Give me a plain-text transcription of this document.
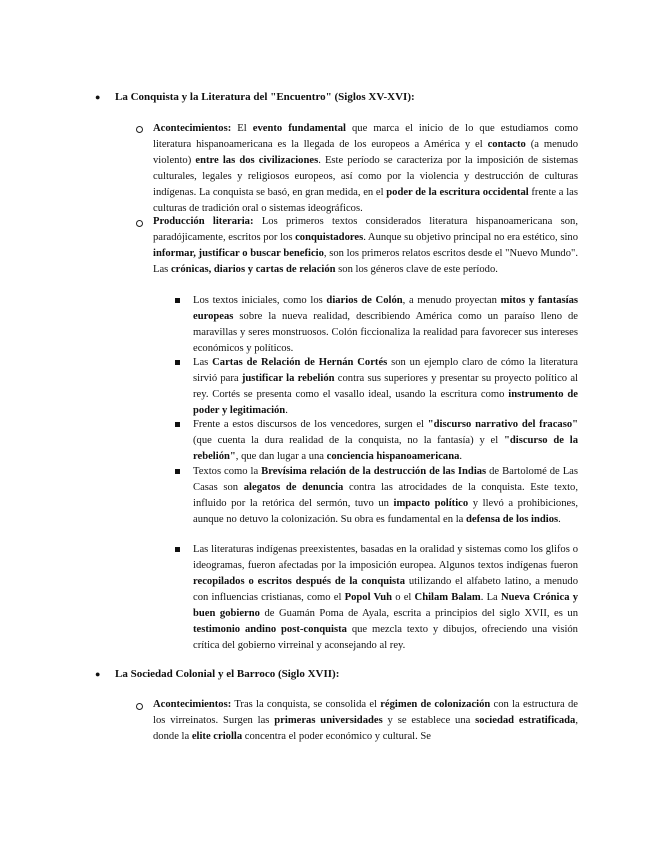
● La Conquista y la Literatura del "Encuentro" (Siglos XV-XVI):
Acontecimientos: El evento fundamental que marca el inicio de lo que estudiamos como literatura hispanoamericana es la llegada de los europeos a América y el contacto (a menudo violento) entre las dos civilizaciones. Este período se caracteriza por la imposición de sistemas culturales, legales y religiosos europeos, así como por la violencia y destrucción de culturas indígenas. La conquista se basó, en gran medida, en el poder de la escritura occidental frente a las culturas de tradición oral o sistemas ideográficos.
Producción literaria: Los primeros textos considerados literatura hispanoamericana son, paradójicamente, escritos por los conquistadores. Aunque su objetivo principal no era estético, sino informar, justificar o buscar beneficio, son los primeros relatos escritos desde el "Nuevo Mundo". Las crónicas, diarios y cartas de relación son los géneros clave de este período.
Los textos iniciales, como los diarios de Colón, a menudo proyectan mitos y fantasías europeas sobre la nueva realidad, describiendo América como un paraíso lleno de maravillas y seres monstruosos. Colón ficcionaliza la realidad para favorecer sus intereses económicos y políticos.
Las Cartas de Relación de Hernán Cortés son un ejemplo claro de cómo la literatura sirvió para justificar la rebelión contra sus superiores y presentar su proyecto político al rey. Cortés se presenta como el vasallo ideal, usando la escritura como instrumento de poder y legitimación.
Frente a estos discursos de los vencedores, surgen el "discurso narrativo del fracaso" (que cuenta la dura realidad de la conquista, no la fantasía) y el "discurso de la rebelión", que dan lugar a una conciencia hispanoamericana.
Textos como la Brevísima relación de la destrucción de las Indias de Bartolomé de Las Casas son alegatos de denuncia contra las atrocidades de la conquista. Este texto, influido por la retórica del sermón, tuvo un impacto político y llevó a prohibiciones, aunque no detuvo la colonización. Su obra es fundamental en la defensa de los indios.
Las literaturas indígenas preexistentes, basadas en la oralidad y sistemas como los glifos o ideogramas, fueron afectadas por la imposición europea. Algunos textos indígenas fueron recopilados o escritos después de la conquista utilizando el alfabeto latino, a menudo con influencias cristianas, como el Popol Vuh o el Chilam Balam. La Nueva Crónica y buen gobierno de Guamán Poma de Ayala, escrita a principios del siglo XVII, es un testimonio andino post-conquista que mezcla texto y dibujos, ofreciendo una visión crítica del gobierno virreinal y aconsejando al rey.
● La Sociedad Colonial y el Barroco (Siglo XVII):
Acontecimientos: Tras la conquista, se consolida el régimen de colonización con la estructura de los virreinatos. Surgen las primeras universidades y se establece una sociedad estratificada, donde la elite criolla concentra el poder económico y cultural. Se
